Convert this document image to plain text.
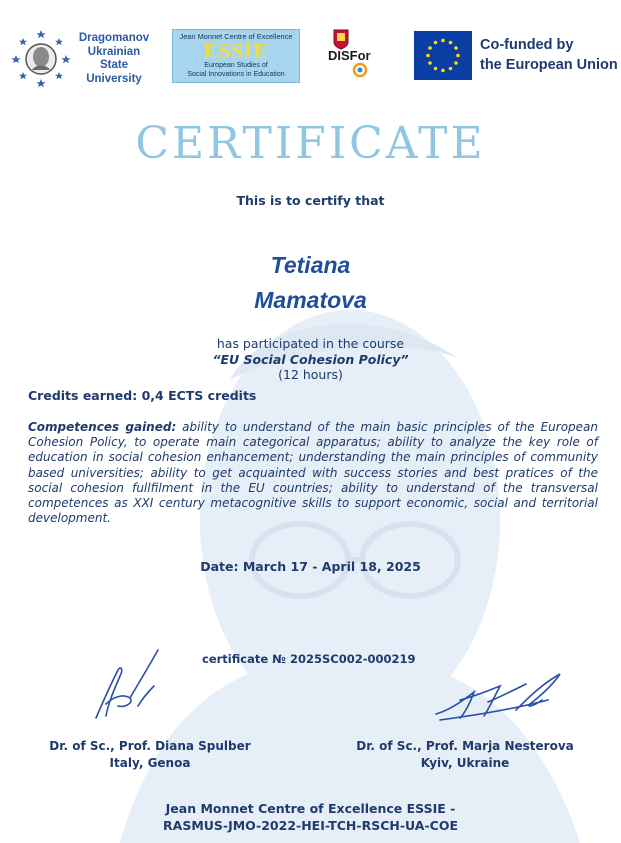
Dragomanov
Ukrainian
State
University
Jean Monnet Centre of Excellence
ESSIE
European Studies of
Social Innovations in Education
DISFor
Co-funded by
the European Union
CERTIFICATE
This is to certify that
Tetiana
Mamatova
has participated in the course
“EU Social Cohesion Policy”
(12 hours)
Credits earned: 0,4 ECTS credits
Competences gained: ability to understand of the main basic principles of the European Cohesion Policy, to operate main categorical apparatus; ability to analyze the key role of education in social cohesion enhancement; understanding the main principles of community based universities; ability to get acquainted with success stories and best pratices of the social cohesion fullfilment in the EU countries; ability to understand of the transversal competences as XXI century metacognitive skills to support economic, social and territorial development.
Date: March 17 - April 18, 2025
certificate № 2025SC002-000219
Dr. of Sc., Prof. Diana Spulber
Italy, Genoa
Dr. of Sc., Prof. Marja Nesterova
Kyiv, Ukraine
Jean Monnet Centre of Excellence ESSIE -
RASMUS-JMO-2022-HEI-TCH-RSCH-UA-COE
